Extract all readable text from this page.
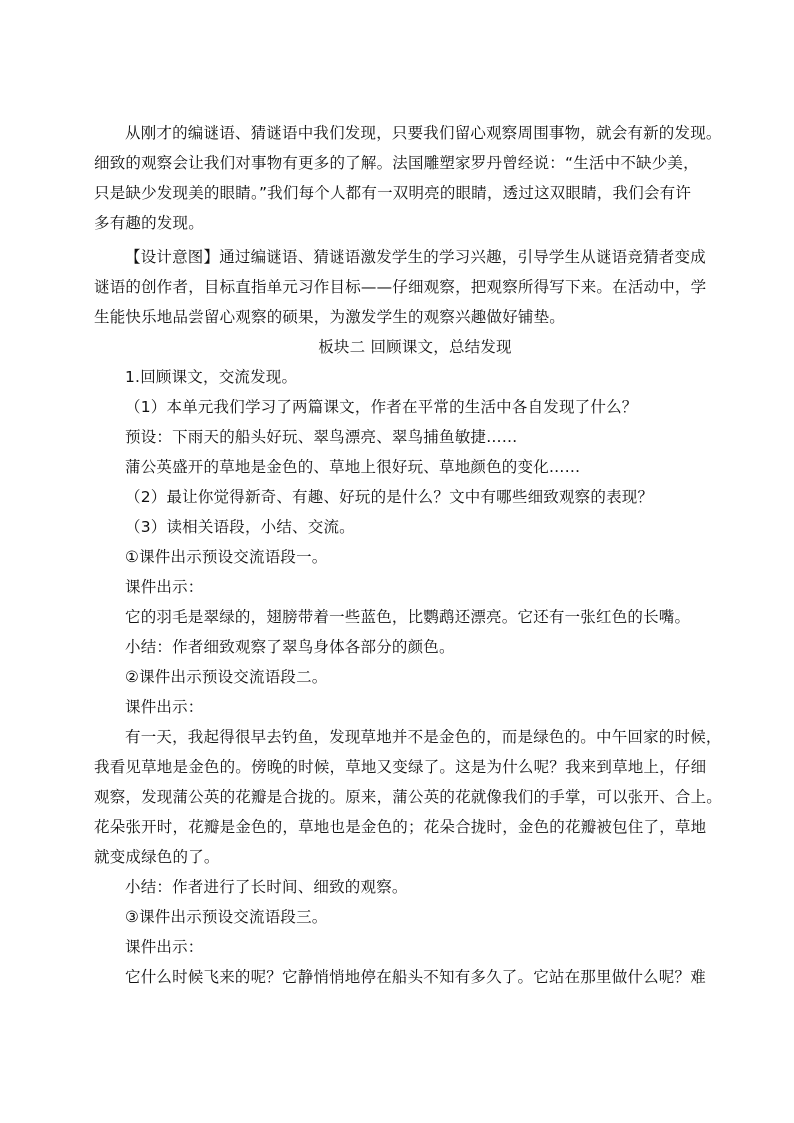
从刚才的编谜语、猜谜语中我们发现，只要我们留心观察周围事物，就会有新的发现。
细致的观察会让我们对事物有更多的了解。法国雕塑家罗丹曾经说：“生活中不缺少美，
只是缺少发现美的眼睛。”我们每个人都有一双明亮的眼睛，透过这双眼睛，我们会有许
多有趣的发现。
【设计意图】通过编谜语、猜谜语激发学生的学习兴趣，引导学生从谜语竞猜者变成
谜语的创作者，目标直指单元习作目标——仔细观察，把观察所得写下来。在活动中，学
生能快乐地品尝留心观察的硕果，为激发学生的观察兴趣做好铺垫。
板块二 回顾课文，总结发现
1.回顾课文，交流发现。
（1）本单元我们学习了两篇课文，作者在平常的生活中各自发现了什么？
预设：下雨天的船头好玩、翠鸟漂亮、翠鸟捕鱼敏捷……
蒲公英盛开的草地是金色的、草地上很好玩、草地颜色的变化……
（2）最让你觉得新奇、有趣、好玩的是什么？文中有哪些细致观察的表现？
（3）读相关语段，小结、交流。
①课件出示预设交流语段一。
课件出示：
它的羽毛是翠绿的，翅膀带着一些蓝色，比鹦鹉还漂亮。它还有一张红色的长嘴。
小结：作者细致观察了翠鸟身体各部分的颜色。
②课件出示预设交流语段二。
课件出示：
有一天，我起得很早去钓鱼，发现草地并不是金色的，而是绿色的。中午回家的时候，
我看见草地是金色的。傍晚的时候，草地又变绿了。这是为什么呢？我来到草地上，仔细
观察，发现蒲公英的花瓣是合拢的。原来，蒲公英的花就像我们的手掌，可以张开、合上。
花朵张开时，花瓣是金色的，草地也是金色的；花朵合拢时，金色的花瓣被包住了，草地
就变成绿色的了。
小结：作者进行了长时间、细致的观察。
③课件出示预设交流语段三。
课件出示：
它什么时候飞来的呢？它静悄悄地停在船头不知有多久了。它站在那里做什么呢？难
